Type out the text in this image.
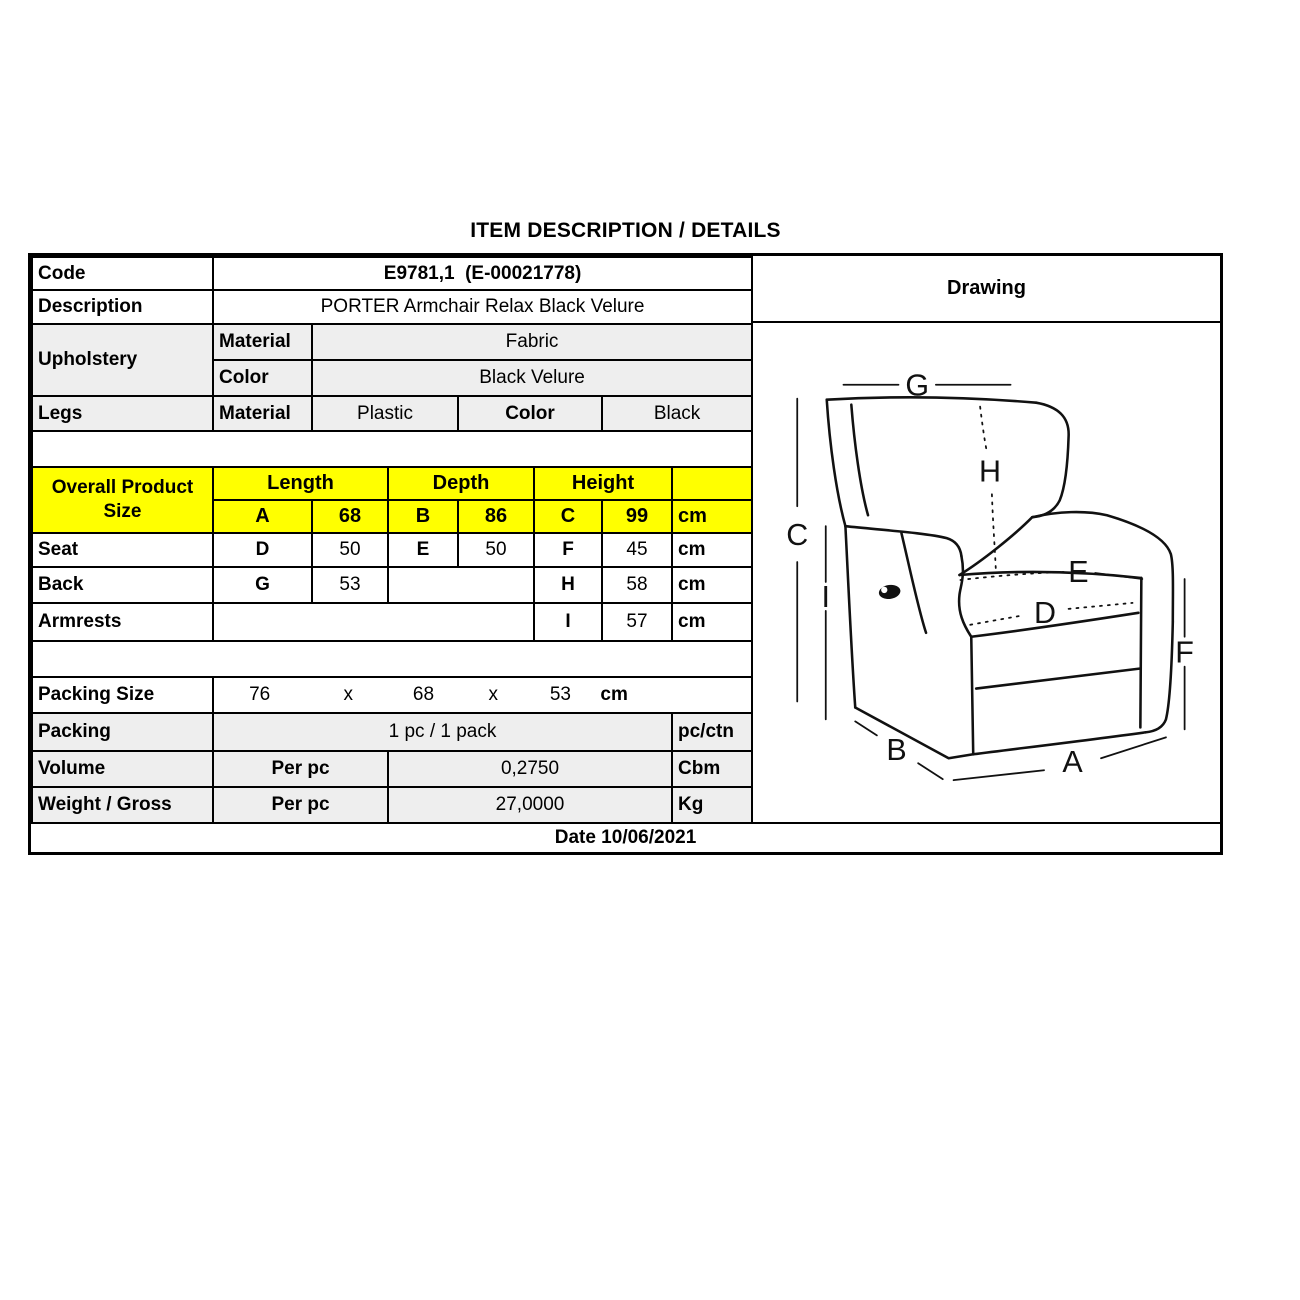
ITEM DESCRIPTION / DETAILS
Code	E9781,1  (E-00021778)						
Description	PORTER Armchair Relax Black Velure						
Upholstery	Material	Fabric					
	Color	Black Velure					
Legs	Material	Plastic		Color		Black	

Overall Product
Size	Length		Depth		Height		
	A	68	B	86	C	99	cm
Seat	D	50	E	50	F	45	cm
Back	G	53			H	58	cm
Armrests					I	57	cm

Packing Size	76	x	68	x	53 cm

Packing	1 pc / 1 pack						pc/ctn
Volume	Per pc		0,2750				Cbm
Weight / Gross	Per pc		27,0000				Kg
Drawing
G
H
C
I
E
D
F
B	A
Date 10/06/2021
